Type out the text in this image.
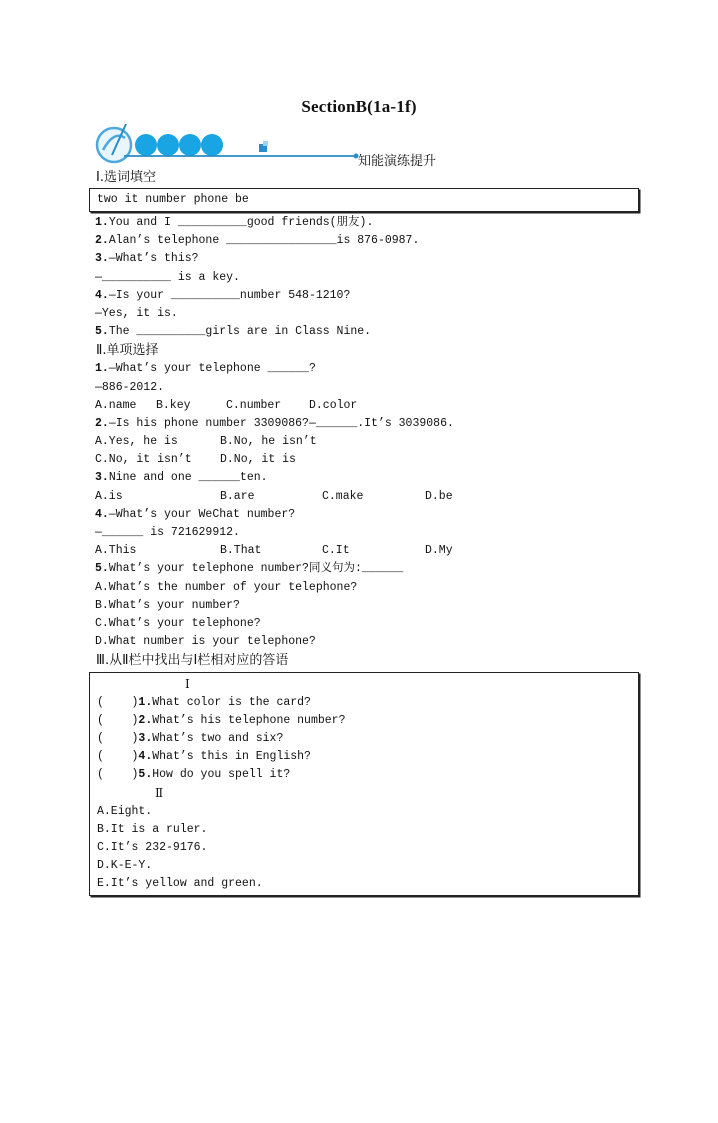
SectionB(1a-1f)
知能演练提升
Ⅰ.选词填空
two it number phone be
1.You and I __________good friends(朋友).
2.Alan’s telephone ________________is 876-0987.
3.—What’s this?
—__________ is a key.
4.—Is your __________number 548-1210?
—Yes, it is.
5.The __________girls are in Class Nine.
Ⅱ.单项选择
1.—What’s your telephone ______?
—886-2012.
A.name	B.key	C.number	D.color
2.—Is his phone number 3309086?—______.It’s 3039086.
A.Yes, he is	B.No, he isn’t
C.No, it isn’t	D.No, it is
3.Nine and one ______ten.
A.is	B.are	C.make	D.be
4.—What’s your WeChat number?
—______ is 721629912.
A.This	B.That	C.It	D.My
5.What’s your telephone number?同义句为:______
A.What’s the number of your telephone?
B.What’s your number?
C.What’s your telephone?
D.What number is your telephone?
Ⅲ.从Ⅱ栏中找出与Ⅰ栏相对应的答语
Ⅰ
(    )1.What color is the card?
(    )2.What’s his telephone number?
(    )3.What’s two and six?
(    )4.What’s this in English?
(    )5.How do you spell it?
Ⅱ
A.Eight.
B.It is a ruler.
C.It’s 232-9176.
D.K-E-Y.
E.It’s yellow and green.
